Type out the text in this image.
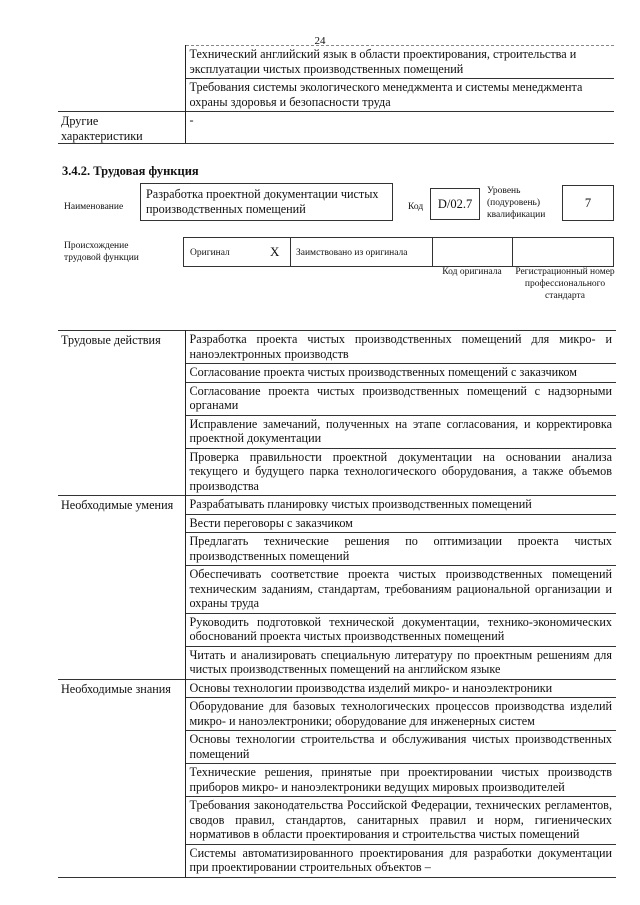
24
	Технический английский язык в области проектирования, строительства и эксплуатации чистых производственных помещений
	Требования системы экологического менеджмента и системы менеджмента охраны здоровья и безопасности труда
Другие характеристики	-
3.4.2. Трудовая функция
Наименование
Разработка проектной документации чистых производственных помещений	Код	D/02.7
Уровень (подуровень) квалификации
7
Происхождение трудовой функции	Оригинал	X Заимствовано из оригинала
Код оригинала Регистрационный номер профессионального стандарта
Трудовые действия	Разработка проекта чистых производственных помещений для микро- и наноэлектронных производств
	Согласование проекта чистых производственных помещений с заказчиком
	Согласование проекта чистых производственных помещений с надзорными органами
	Исправление замечаний, полученных на этапе согласования, и корректировка проектной документации
	Проверка правильности проектной документации на основании анализа текущего и будущего парка технологического оборудования, а также объемов производства
Необходимые умения	Разрабатывать планировку чистых производственных помещений
	Вести переговоры с заказчиком
	Предлагать технические решения по оптимизации проекта чистых производственных помещений
	Обеспечивать соответствие проекта чистых производственных помещений техническим заданиям, стандартам, требованиям рациональной организации и охраны труда
	Руководить подготовкой технической документации, технико-экономических обоснований проекта чистых производственных помещений
	Читать и анализировать специальную литературу по проектным решениям для чистых производственных помещений на английском языке
Необходимые знания	Основы технологии производства изделий микро- и наноэлектроники
	Оборудование для базовых технологических процессов производства изделий микро- и наноэлектроники; оборудование для инженерных систем
	Основы технологии строительства и обслуживания чистых производственных помещений
	Технические решения, принятые при проектировании чистых производств приборов микро- и наноэлектроники ведущих мировых производителей
	Требования законодательства Российской Федерации, технических регламентов, сводов правил, стандартов, санитарных правил и норм, гигиенических нормативов в области проектирования и строительства чистых помещений
	Системы автоматизированного проектирования для разработки документации при проектировании строительных объектов –
